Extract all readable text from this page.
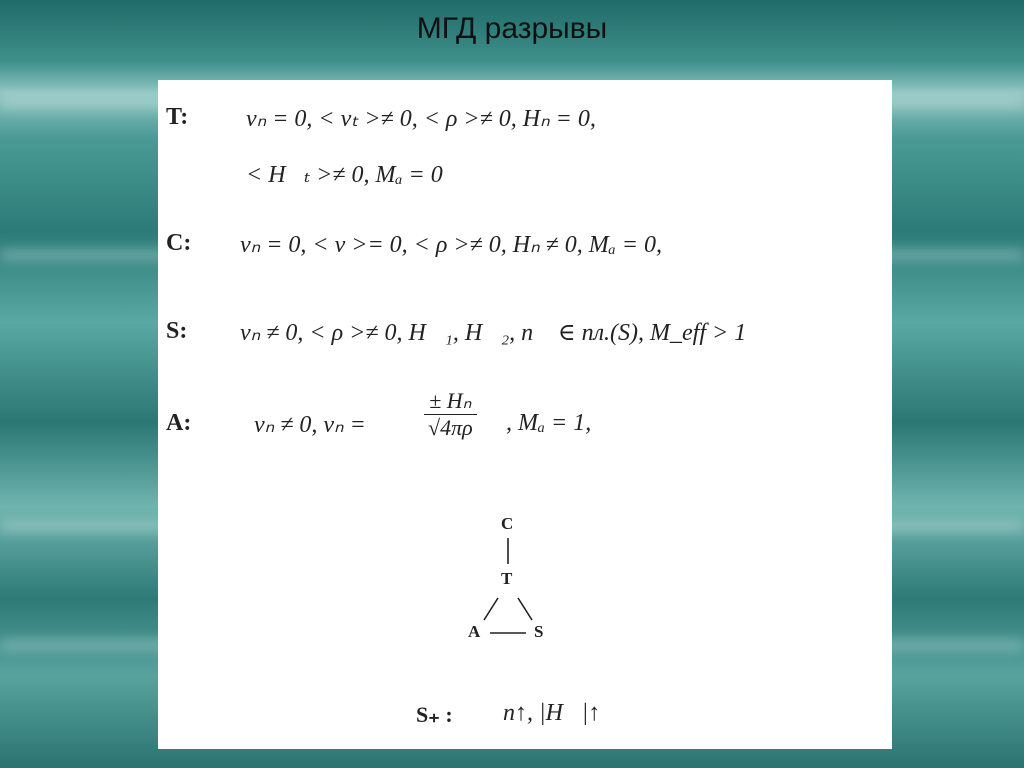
МГД разрывы
T: vₙ = 0, < vₜ >≠ 0, < ρ >≠ 0, Hₙ = 0,
< H⃗ₜ >≠ 0, Mₐ = 0
C: vₙ = 0, < v >= 0, < ρ >≠ 0, Hₙ ≠ 0, Mₐ = 0,
S: vₙ ≠ 0, < ρ >≠ 0, H⃗₁, H⃗₂, n⃗ ∈ пл.(S), M_eff > 1
A:	vₙ ≠ 0, vₙ =	$\frac{\text{± Hₙ}}{√4\pi\rho}$ , Mₐ = 1,
C
T
A	S
S₊ : n↑, |H⃗|↑
